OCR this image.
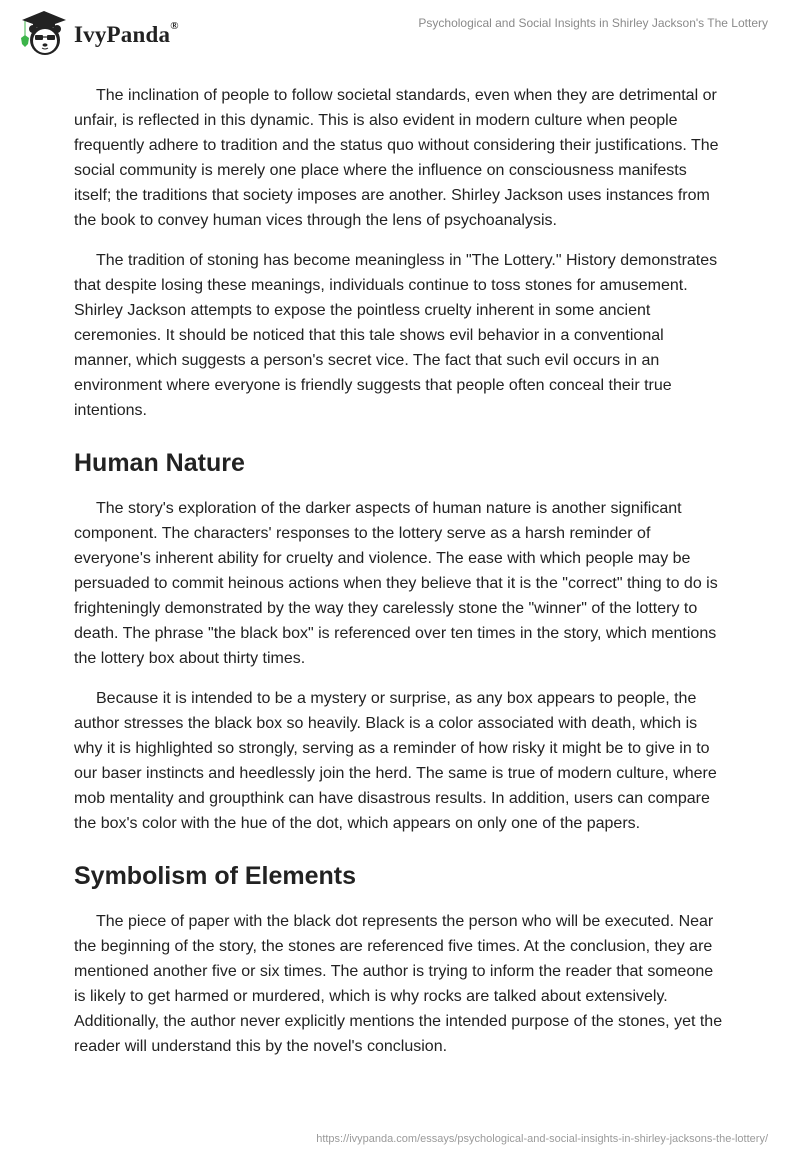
IvyPanda®	Psychological and Social Insights in Shirley Jackson's The Lottery

The inclination of people to follow societal standards, even when they are detrimental or unfair, is reflected in this dynamic. This is also evident in modern culture when people frequently adhere to tradition and the status quo without considering their justifications. The social community is merely one place where the influence on consciousness manifests itself; the traditions that society imposes are another. Shirley Jackson uses instances from the book to convey human vices through the lens of psychoanalysis.

The tradition of stoning has become meaningless in "The Lottery." History demonstrates that despite losing these meanings, individuals continue to toss stones for amusement. Shirley Jackson attempts to expose the pointless cruelty inherent in some ancient ceremonies. It should be noticed that this tale shows evil behavior in a conventional manner, which suggests a person's secret vice. The fact that such evil occurs in an environment where everyone is friendly suggests that people often conceal their true intentions.

Human Nature

The story's exploration of the darker aspects of human nature is another significant component. The characters' responses to the lottery serve as a harsh reminder of everyone's inherent ability for cruelty and violence. The ease with which people may be persuaded to commit heinous actions when they believe that it is the "correct" thing to do is frighteningly demonstrated by the way they carelessly stone the "winner" of the lottery to death. The phrase "the black box" is referenced over ten times in the story, which mentions the lottery box about thirty times.

Because it is intended to be a mystery or surprise, as any box appears to people, the author stresses the black box so heavily. Black is a color associated with death, which is why it is highlighted so strongly, serving as a reminder of how risky it might be to give in to our baser instincts and heedlessly join the herd. The same is true of modern culture, where mob mentality and groupthink can have disastrous results. In addition, users can compare the box's color with the hue of the dot, which appears on only one of the papers.

Symbolism of Elements

The piece of paper with the black dot represents the person who will be executed. Near the beginning of the story, the stones are referenced five times. At the conclusion, they are mentioned another five or six times. The author is trying to inform the reader that someone is likely to get harmed or murdered, which is why rocks are talked about extensively. Additionally, the author never explicitly mentions the intended purpose of the stones, yet the reader will understand this by the novel's conclusion.

https://ivypanda.com/essays/psychological-and-social-insights-in-shirley-jacksons-the-lottery/
